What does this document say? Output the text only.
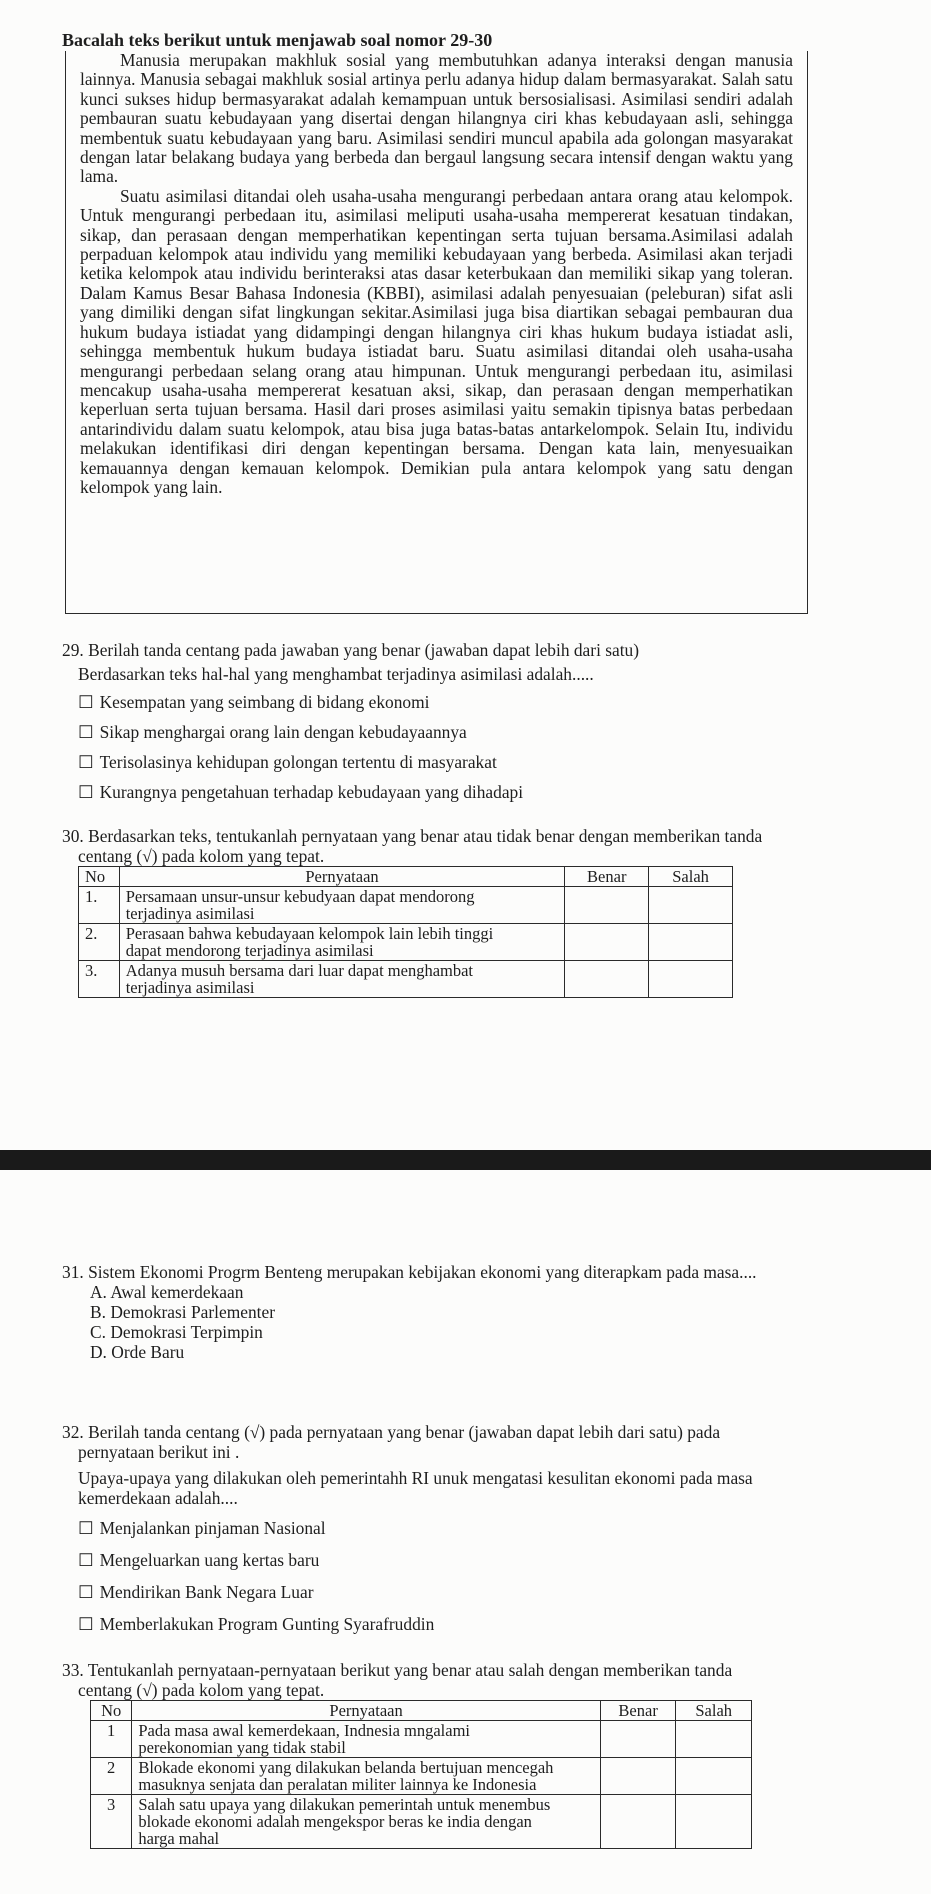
Bacalah teks berikut untuk menjawab soal nomor 29-30

Manusia merupakan makhluk sosial yang membutuhkan adanya interaksi dengan manusia lainnya. Manusia sebagai makhluk sosial artinya perlu adanya hidup dalam bermasyarakat. Salah satu kunci sukses hidup bermasyarakat adalah kemampuan untuk bersosialisasi. Asimilasi sendiri adalah pembauran suatu kebudayaan yang disertai dengan hilangnya ciri khas kebudayaan asli, sehingga membentuk suatu kebudayaan yang baru. Asimilasi sendiri muncul apabila ada golongan masyarakat dengan latar belakang budaya yang berbeda dan bergaul langsung secara intensif dengan waktu yang lama.

Suatu asimilasi ditandai oleh usaha-usaha mengurangi perbedaan antara orang atau kelompok. Untuk mengurangi perbedaan itu, asimilasi meliputi usaha-usaha mempererat kesatuan tindakan, sikap, dan perasaan dengan memperhatikan kepentingan serta tujuan bersama.Asimilasi adalah perpaduan kelompok atau individu yang memiliki kebudayaan yang berbeda. Asimilasi akan terjadi ketika kelompok atau individu berinteraksi atas dasar keterbukaan dan memiliki sikap yang toleran. Dalam Kamus Besar Bahasa Indonesia (KBBI), asimilasi adalah penyesuaian (peleburan) sifat asli yang dimiliki dengan sifat lingkungan sekitar.Asimilasi juga bisa diartikan sebagai pembauran dua hukum budaya istiadat yang didampingi dengan hilangnya ciri khas hukum budaya istiadat asli, sehingga membentuk hukum budaya istiadat baru. Suatu asimilasi ditandai oleh usaha-usaha mengurangi perbedaan selang orang atau himpunan. Untuk mengurangi perbedaan itu, asimilasi mencakup usaha-usaha mempererat kesatuan aksi, sikap, dan perasaan dengan memperhatikan keperluan serta tujuan bersama. Hasil dari proses asimilasi yaitu semakin tipisnya batas perbedaan antarindividu dalam suatu kelompok, atau bisa juga batas-batas antarkelompok. Selain Itu, individu melakukan identifikasi diri dengan kepentingan bersama. Dengan kata lain, menyesuaikan kemauannya dengan kemauan kelompok. Demikian pula antara kelompok yang satu dengan kelompok yang lain.

29. Berilah tanda centang pada jawaban yang benar (jawaban dapat lebih dari satu)
Berdasarkan teks hal-hal yang menghambat terjadinya asimilasi adalah.....
☐ Kesempatan yang seimbang di bidang ekonomi
☐ Sikap menghargai orang lain dengan kebudayaannya
☐ Terisolasinya kehidupan golongan tertentu di masyarakat
☐ Kurangnya pengetahuan terhadap kebudayaan yang dihadapi
30. Berdasarkan teks, tentukanlah pernyataan yang benar atau tidak benar dengan memberikan tanda
centang (√) pada kolom yang tepat.
No	Pernyataan	Benar	Salah
1.	Persamaan unsur-unsur kebudyaan dapat mendorong
terjadinya asimilasi		

2.	Perasaan bahwa kebudayaan kelompok lain lebih tinggi
dapat mendorong terjadinya asimilasi		

3.	Adanya musuh bersama dari luar dapat menghambat
terjadinya asimilasi		

31. Sistem Ekonomi Progrm Benteng merupakan kebijakan ekonomi yang diterapkam pada masa....
A. Awal kemerdekaan
B. Demokrasi Parlementer
C. Demokrasi Terpimpin
D. Orde Baru
32. Berilah tanda centang (√) pada pernyataan yang benar (jawaban dapat lebih dari satu) pada
pernyataan berikut ini .
Upaya-upaya yang dilakukan oleh pemerintahh RI unuk mengatasi kesulitan ekonomi pada masa
kemerdekaan adalah....
☐ Menjalankan pinjaman Nasional
☐ Mengeluarkan uang kertas baru
☐ Mendirikan Bank Negara Luar
☐ Memberlakukan Program Gunting Syarafruddin
33. Tentukanlah pernyataan-pernyataan berikut yang benar atau salah dengan memberikan tanda
centang (√) pada kolom yang tepat.
No	Pernyataan	Benar	Salah
1	Pada masa awal kemerdekaan, Indnesia mngalami
perekonomian yang tidak stabil		

2	Blokade ekonomi yang dilakukan belanda bertujuan mencegah
masuknya senjata dan peralatan militer lainnya ke Indonesia		

3	Salah satu upaya yang dilakukan pemerintah untuk menembus
blokade ekonomi adalah mengekspor beras ke india dengan
harga mahal		
